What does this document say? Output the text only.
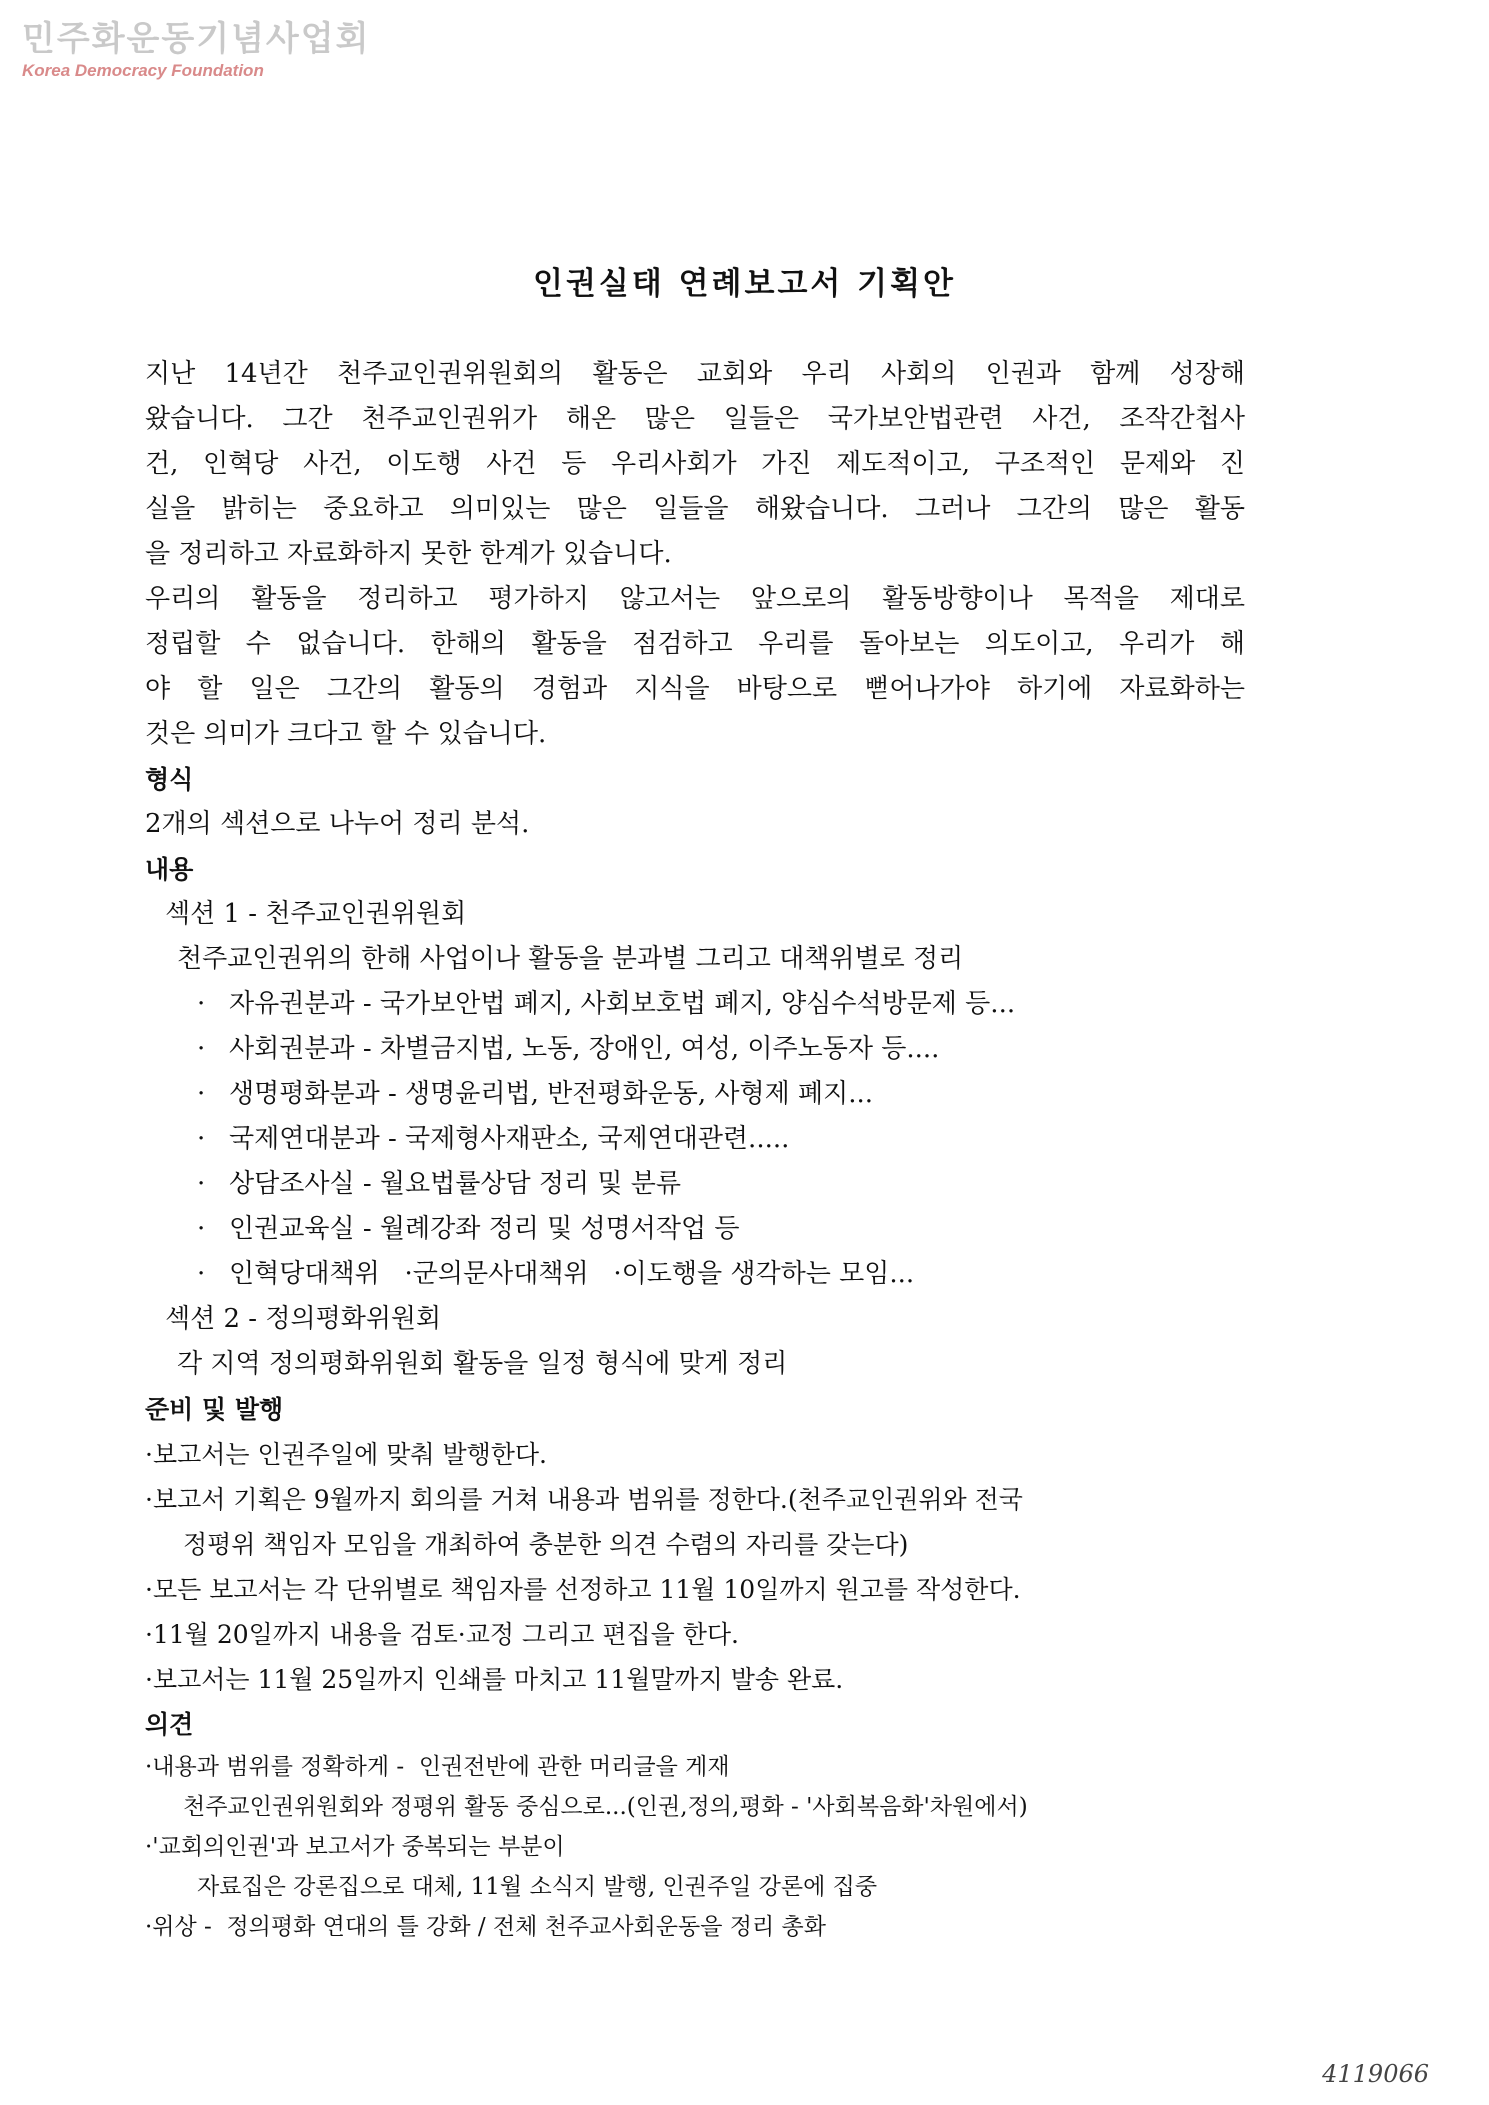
민주화운동기념사업회
Korea Democracy Foundation
인권실태 연례보고서 기획안
지난 14년간 천주교인권위원회의 활동은 교회와 우리 사회의 인권과 함께 성장해
왔습니다. 그간 천주교인권위가 해온 많은 일들은 국가보안법관련 사건, 조작간첩사
건, 인혁당 사건, 이도행 사건 등 우리사회가 가진 제도적이고, 구조적인 문제와 진
실을 밝히는 중요하고 의미있는 많은 일들을 해왔습니다. 그러나 그간의 많은 활동
을 정리하고 자료화하지 못한 한계가 있습니다.
우리의 활동을 정리하고 평가하지 않고서는 앞으로의 활동방향이나 목적을 제대로
정립할 수 없습니다. 한해의 활동을 점검하고 우리를 돌아보는 의도이고, 우리가 해
야 할 일은 그간의 활동의 경험과 지식을 바탕으로 뻗어나가야 하기에 자료화하는
것은 의미가 크다고 할 수 있습니다.
형식
2개의 섹션으로 나누어 정리 분석.
내용
섹션 1 - 천주교인권위원회
천주교인권위의 한해 사업이나 활동을 분과별 그리고 대책위별로 정리
· 자유권분과 - 국가보안법 폐지, 사회보호법 폐지, 양심수석방문제 등...
· 사회권분과 - 차별금지법, 노동, 장애인, 여성, 이주노동자 등....
· 생명평화분과 - 생명윤리법, 반전평화운동, 사형제 폐지...
· 국제연대분과 - 국제형사재판소, 국제연대관련.....
· 상담조사실 - 월요법률상담 정리 및 분류
· 인권교육실 - 월례강좌 정리 및 성명서작업 등
· 인혁당대책위   ·군의문사대책위   ·이도행을 생각하는 모임...
섹션 2 - 정의평화위원회
각 지역 정의평화위원회 활동을 일정 형식에 맞게 정리
준비 및 발행
·보고서는 인권주일에 맞춰 발행한다.
·보고서 기획은 9월까지 회의를 거쳐 내용과 범위를 정한다.(천주교인권위와 전국
정평위 책임자 모임을 개최하여 충분한 의견 수렴의 자리를 갖는다)
·모든 보고서는 각 단위별로 책임자를 선정하고 11월 10일까지 원고를 작성한다.
·11월 20일까지 내용을 검토·교정 그리고 편집을 한다.
·보고서는 11월 25일까지 인쇄를 마치고 11월말까지 발송 완료.
의견
·내용과 범위를 정확하게 -  인권전반에 관한 머리글을 게재
천주교인권위원회와 정평위 활동 중심으로...(인권,정의,평화 - '사회복음화'차원에서)
·'교회의인권'과 보고서가 중복되는 부분이
자료집은 강론집으로 대체, 11월 소식지 발행, 인권주일 강론에 집중
·위상 -  정의평화 연대의 틀 강화 / 전체 천주교사회운동을 정리 총화
4119066
